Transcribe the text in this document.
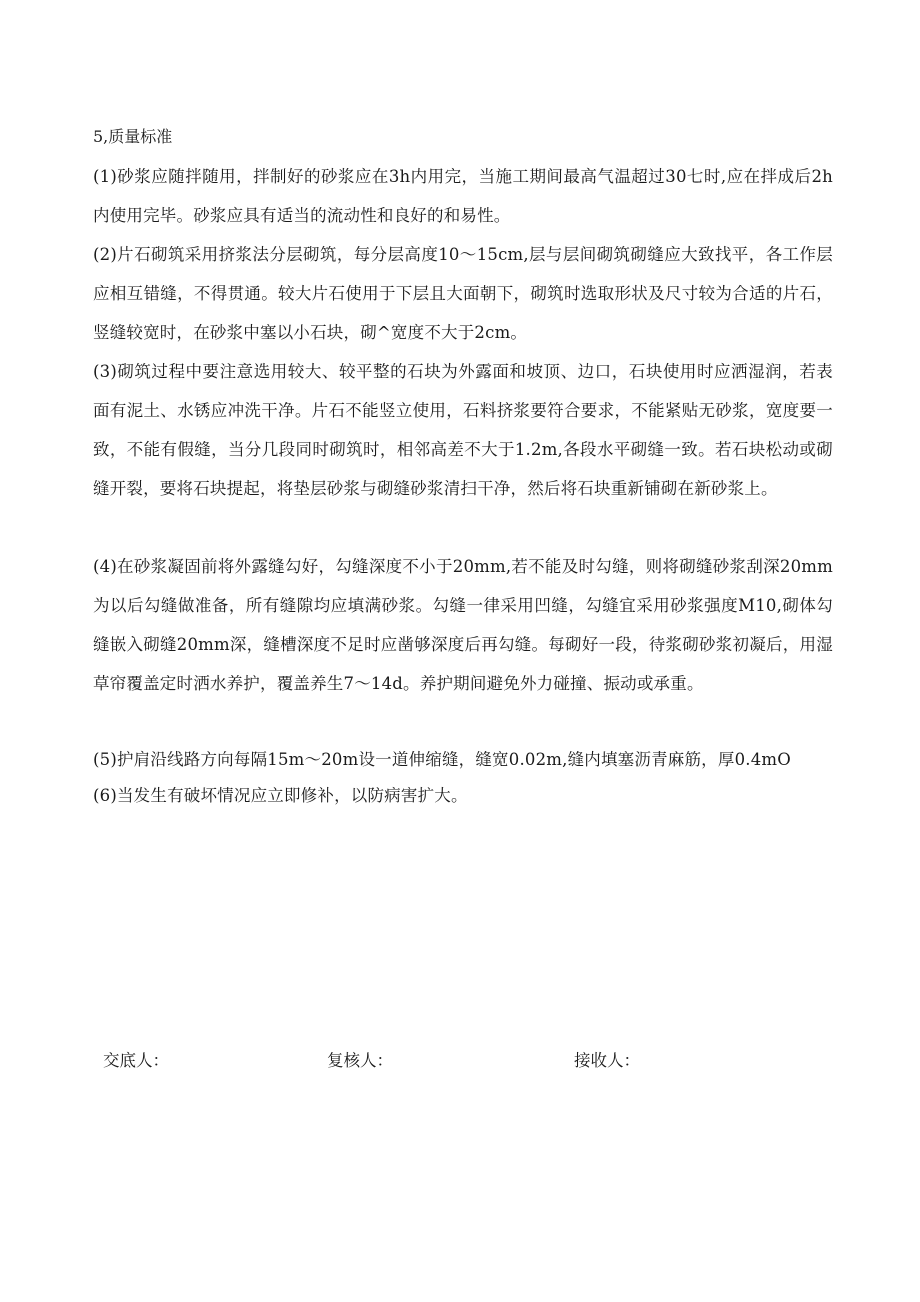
5,质量标准

(1)砂浆应随拌随用，拌制好的砂浆应在3h内用完，当施工期间最高气温超过30七时,应在拌成后2h内使用完毕。砂浆应具有适当的流动性和良好的和易性。

(2)片石砌筑采用挤浆法分层砌筑，每分层高度10～15cm,层与层间砌筑砌缝应大致找平，各工作层应相互错缝，不得贯通。较大片石使用于下层且大面朝下，砌筑时选取形状及尺寸较为合适的片石，竖缝较宽时，在砂浆中塞以小石块，砌^宽度不大于2cm。

(3)砌筑过程中要注意选用较大、较平整的石块为外露面和坡顶、边口，石块使用时应洒湿润，若表面有泥土、水锈应冲洗干净。片石不能竖立使用，石料挤浆要符合要求，不能紧贴无砂浆，宽度要一致，不能有假缝，当分几段同时砌筑时，相邻高差不大于1.2m,各段水平砌缝一致。若石块松动或砌缝开裂，要将石块提起，将垫层砂浆与砌缝砂浆清扫干净，然后将石块重新铺砌在新砂浆上。

(4)在砂浆凝固前将外露缝勾好，勾缝深度不小于20mm,若不能及时勾缝，则将砌缝砂浆刮深20mm为以后勾缝做准备，所有缝隙均应填满砂浆。勾缝一律采用凹缝，勾缝宜采用砂浆强度M10,砌体勾缝嵌入砌缝20mm深，缝槽深度不足时应凿够深度后再勾缝。每砌好一段，待浆砌砂浆初凝后，用湿草帘覆盖定时洒水养护，覆盖养生7～14d。养护期间避免外力碰撞、振动或承重。

(5)护肩沿线路方向每隔15m～20m设一道伸缩缝，缝宽0.02m,缝内填塞沥青麻筋，厚0.4mO

(6)当发生有破坏情况应立即修补，以防病害扩大。

交底人：	复核人：	接收人：
